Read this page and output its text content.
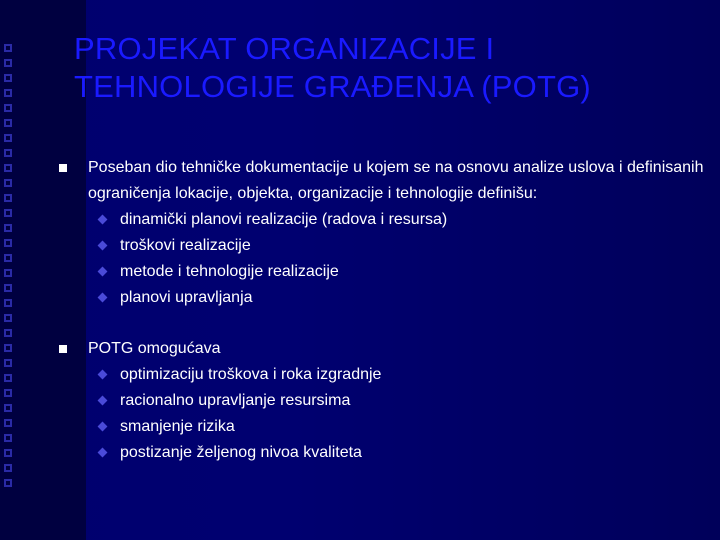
PROJEKAT ORGANIZACIJE I
TEHNOLOGIJE GRAĐENJA (POTG)
Poseban dio tehničke dokumentacije u kojem se na osnovu analize uslova i definisanih ograničenja lokacije, objekta, organizacije i tehnologije definišu:
dinamički planovi realizacije (radova i resursa)
troškovi realizacije
metode i tehnologije realizacije
planovi upravljanja
POTG omogućava
optimizaciju troškova i roka izgradnje
racionalno upravljanje resursima
smanjenje rizika
postizanje željenog nivoa kvaliteta
